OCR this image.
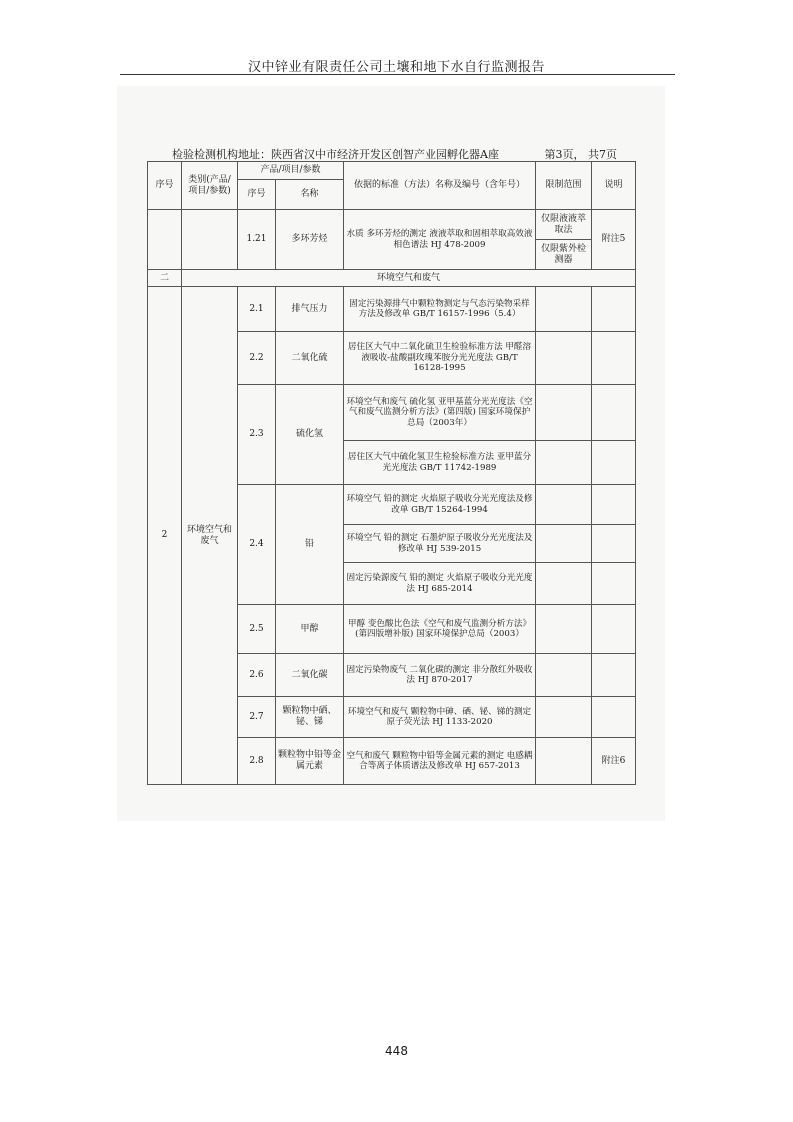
汉中锌业有限责任公司土壤和地下水自行监测报告
检验检测机构地址：陕西省汉中市经济开发区创智产业园孵化器A座	第3页， 共7页
序号	类别(产品/项目/参数)	产品/项目/参数		依据的标准（方法）名称及编号（含年号）	限制范围	说明
		序号	名称			
		1.21	多环芳烃	水质 多环芳烃的测定 液液萃取和固相萃取高效液相色谱法 HJ 478-2009	仅限液液萃取法	附注5
					仅限紫外检测器	
二	环境空气和废气					
2	环境空气和废气	2.1	排气压力	固定污染源排气中颗粒物测定与气态污染物采样方法及修改单 GB/T 16157-1996（5.4）		
		2.2	二氧化硫	居住区大气中二氧化硫卫生检验标准方法 甲醛溶液吸收-盐酸副玫瑰苯胺分光光度法 GB/T 16128-1995		
		2.3	硫化氢	环境空气和废气 硫化氢 亚甲基蓝分光光度法《空气和废气监测分析方法》(第四版) 国家环境保护总局（2003年）		
				居住区大气中硫化氢卫生检验标准方法 亚甲蓝分光光度法 GB/T 11742-1989		
		2.4	铅	环境空气 铅的测定 火焰原子吸收分光光度法及修改单 GB/T 15264-1994		
				环境空气 铅的测定 石墨炉原子吸收分光光度法及修改单 HJ 539-2015		
				固定污染源废气 铅的测定 火焰原子吸收分光光度法 HJ 685-2014		
		2.5	甲醇	甲醇 变色酸比色法《空气和废气监测分析方法》(第四版增补版) 国家环境保护总局（2003）		
		2.6	二氧化碳	固定污染物废气 二氧化碳的测定 非分散红外吸收法 HJ 870-2017		
		2.7	颗粒物中硒、铋、锑	环境空气和废气 颗粒物中砷、硒、铋、锑的测定 原子荧光法 HJ 1133-2020		
		2.8	颗粒物中铅等金属元素	空气和废气 颗粒物中铅等金属元素的测定 电感耦合等离子体质谱法及修改单 HJ 657-2013		附注6
448
